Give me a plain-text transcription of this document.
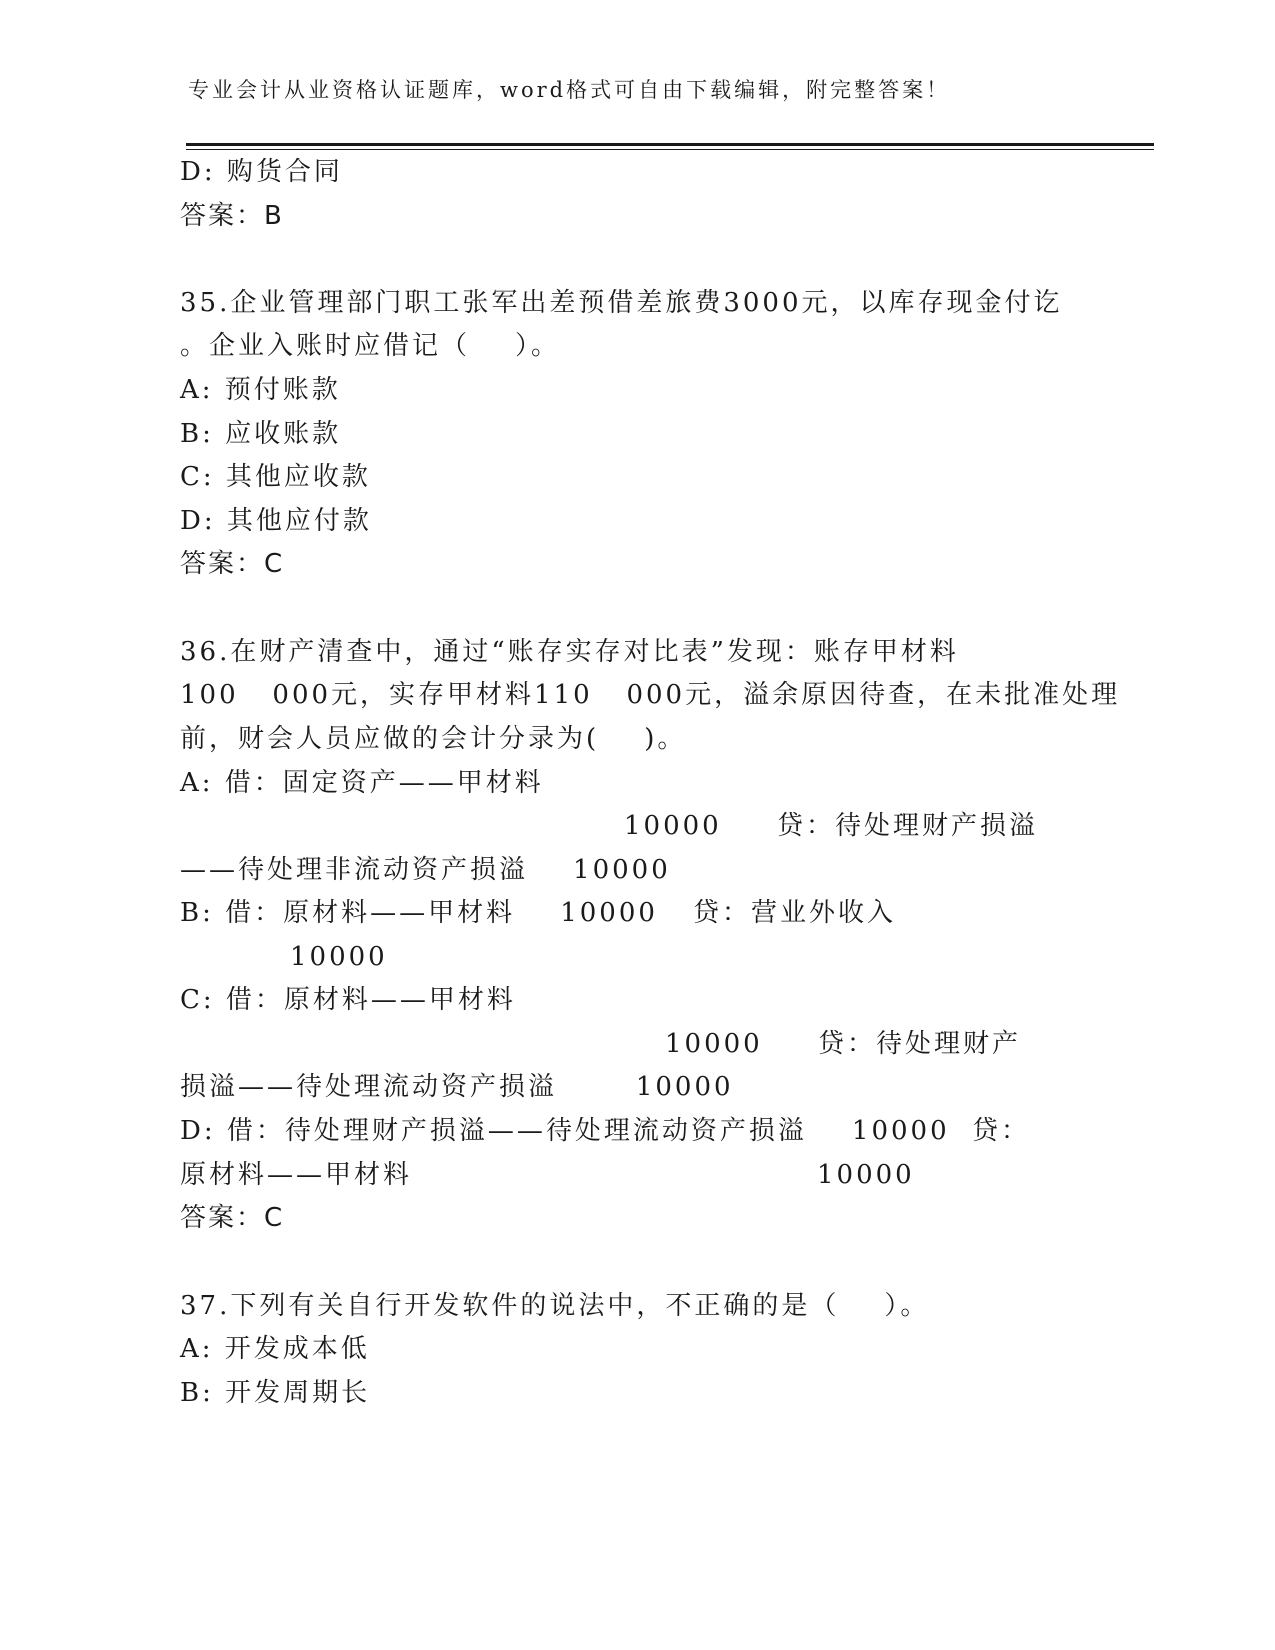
专业会计从业资格认证题库，word格式可自由下载编辑，附完整答案！
D: 购货合同
答案：B
35.企业管理部门职工张军出差预借差旅费3000元，以库存现金付讫
。企业入账时应借记（    ）。
A: 预付账款
B: 应收账款
C: 其他应收款
D: 其他应付款
答案：C
36.在财产清查中，通过“账存实存对比表”发现：账存甲材料
100   000元，实存甲材料110   000元，溢余原因待查，在未批准处理
前，财会人员应做的会计分录为(    )。
A: 借：固定资产——甲材料
10000 贷：待处理财产损溢
——待处理非流动资产损溢    10000
B: 借：原材料——甲材料    10000 贷：营业外收入
10000
C: 借：原材料——甲材料
10000 贷：待处理财产
损溢——待处理流动资产损溢       10000
D: 借：待处理财产损溢——待处理流动资产损溢    10000 贷：
原材料——甲材料	10000
答案：C
37.下列有关自行开发软件的说法中，不正确的是（    ）。
A: 开发成本低
B: 开发周期长
